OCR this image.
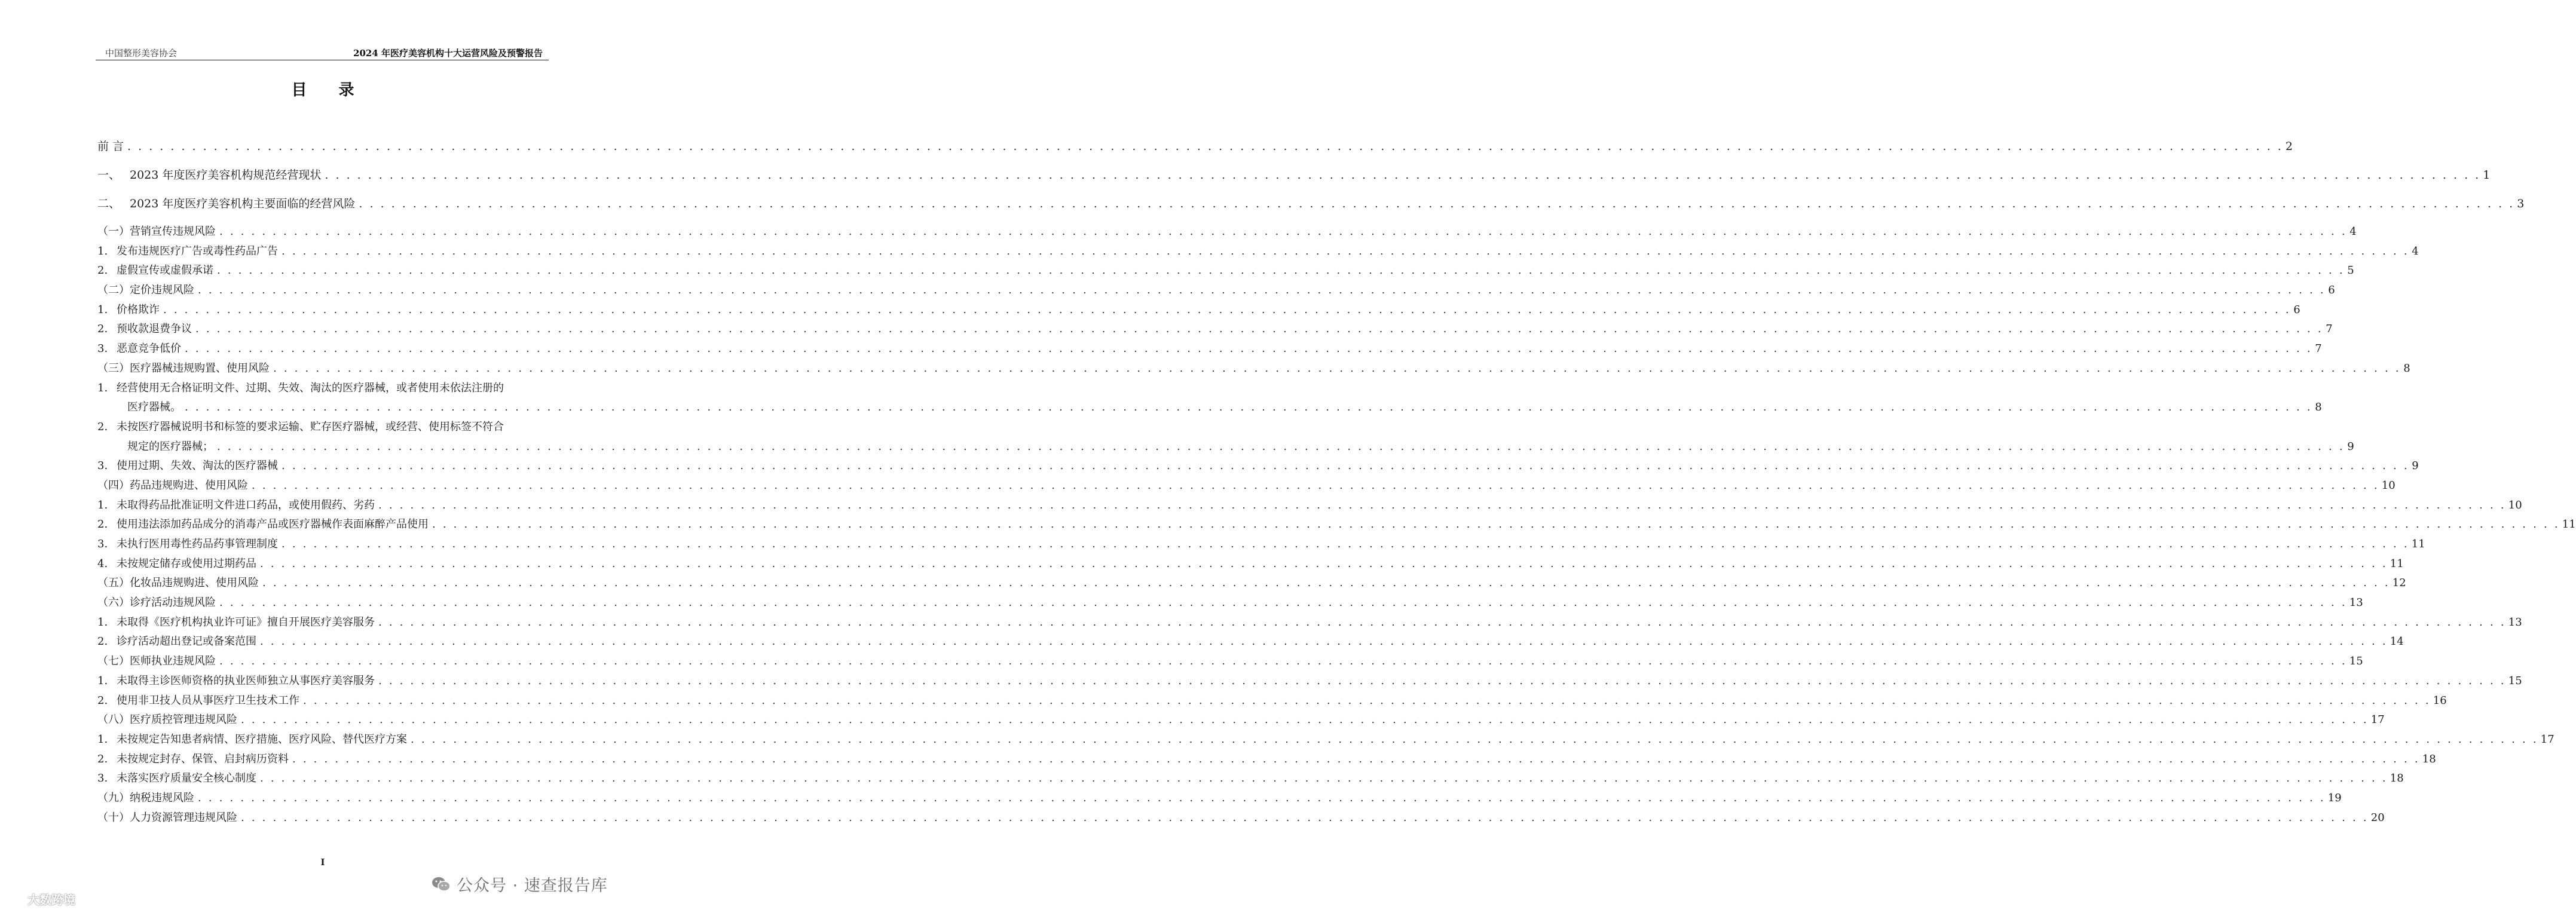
中国整形美容协会	2024 年医疗美容机构十大运营风险及预警报告
目 录
前 言 . . . . . . . . . . . . . . . . . . . . . . . . . . . . . . . . . . . . . . . . . . . . . . . . . . . . . . . . . . . . . . . . . . . . . . . . . . . . . . . . . . . . . . . . . . . . . . . . . . . . . . . . . . . . . . . . . . . . . . . . . . . . . . . . . . . . . . . . . . . . . . . . . . . . . . . . . . . . . . . . . . . . . . . . . . . . . . . . . . . . . . . . . . . . . . . . . . . . . . . . 2
一、 2023 年度医疗美容机构规范经营现状 . . . . . . . . . . . . . . . . . . . . . . . . . . . . . . . . . . . . . . . . . . . . . . . . . . . . . . . . . . . . . . . . . . . . . . . . . . . . . . . . . . . . . . . . . . . . . . . . . . . . . . . . . . . . . . . . . . . . . . . . . . . . . . . . . . . . . . . . . . . . . . . . . . . . . . . . . . . . . . . . . . . . . . . . . . . . . . . . . . . . . . . . . . . . . . . . . . . . . . . . 1
二、 2023 年度医疗美容机构主要面临的经营风险 . . . . . . . . . . . . . . . . . . . . . . . . . . . . . . . . . . . . . . . . . . . . . . . . . . . . . . . . . . . . . . . . . . . . . . . . . . . . . . . . . . . . . . . . . . . . . . . . . . . . . . . . . . . . . . . . . . . . . . . . . . . . . . . . . . . . . . . . . . . . . . . . . . . . . . . . . . . . . . . . . . . . . . . . . . . . . . . . . . . . . . . . . . . . . . . . . . . . . . . . 3
（一）营销宣传违规风险 . . . . . . . . . . . . . . . . . . . . . . . . . . . . . . . . . . . . . . . . . . . . . . . . . . . . . . . . . . . . . . . . . . . . . . . . . . . . . . . . . . . . . . . . . . . . . . . . . . . . . . . . . . . . . . . . . . . . . . . . . . . . . . . . . . . . . . . . . . . . . . . . . . . . . . . . . . . . . . . . . . . . . . . . . . . . . . . . . . . . . . . . . . . . . . . . . . . . . . . . 4
1. 发布违规医疗广告或毒性药品广告 . . . . . . . . . . . . . . . . . . . . . . . . . . . . . . . . . . . . . . . . . . . . . . . . . . . . . . . . . . . . . . . . . . . . . . . . . . . . . . . . . . . . . . . . . . . . . . . . . . . . . . . . . . . . . . . . . . . . . . . . . . . . . . . . . . . . . . . . . . . . . . . . . . . . . . . . . . . . . . . . . . . . . . . . . . . . . . . . . . . . . . . . . . . . . . . . . . . . . . . . 4
2. 虚假宣传或虚假承诺 . . . . . . . . . . . . . . . . . . . . . . . . . . . . . . . . . . . . . . . . . . . . . . . . . . . . . . . . . . . . . . . . . . . . . . . . . . . . . . . . . . . . . . . . . . . . . . . . . . . . . . . . . . . . . . . . . . . . . . . . . . . . . . . . . . . . . . . . . . . . . . . . . . . . . . . . . . . . . . . . . . . . . . . . . . . . . . . . . . . . . . . . . . . . . . . . . . . . . . . . 5
（二）定价违规风险 . . . . . . . . . . . . . . . . . . . . . . . . . . . . . . . . . . . . . . . . . . . . . . . . . . . . . . . . . . . . . . . . . . . . . . . . . . . . . . . . . . . . . . . . . . . . . . . . . . . . . . . . . . . . . . . . . . . . . . . . . . . . . . . . . . . . . . . . . . . . . . . . . . . . . . . . . . . . . . . . . . . . . . . . . . . . . . . . . . . . . . . . . . . . . . . . . . . . . . . . 6
1. 价格欺诈 . . . . . . . . . . . . . . . . . . . . . . . . . . . . . . . . . . . . . . . . . . . . . . . . . . . . . . . . . . . . . . . . . . . . . . . . . . . . . . . . . . . . . . . . . . . . . . . . . . . . . . . . . . . . . . . . . . . . . . . . . . . . . . . . . . . . . . . . . . . . . . . . . . . . . . . . . . . . . . . . . . . . . . . . . . . . . . . . . . . . . . . . . . . . . . . . . . . . . . . . 6
2. 预收款退费争议 . . . . . . . . . . . . . . . . . . . . . . . . . . . . . . . . . . . . . . . . . . . . . . . . . . . . . . . . . . . . . . . . . . . . . . . . . . . . . . . . . . . . . . . . . . . . . . . . . . . . . . . . . . . . . . . . . . . . . . . . . . . . . . . . . . . . . . . . . . . . . . . . . . . . . . . . . . . . . . . . . . . . . . . . . . . . . . . . . . . . . . . . . . . . . . . . . . . . . . . . 7
3. 恶意竞争低价 . . . . . . . . . . . . . . . . . . . . . . . . . . . . . . . . . . . . . . . . . . . . . . . . . . . . . . . . . . . . . . . . . . . . . . . . . . . . . . . . . . . . . . . . . . . . . . . . . . . . . . . . . . . . . . . . . . . . . . . . . . . . . . . . . . . . . . . . . . . . . . . . . . . . . . . . . . . . . . . . . . . . . . . . . . . . . . . . . . . . . . . . . . . . . . . . . . . . . . . . 7
（三）医疗器械违规购置、使用风险 . . . . . . . . . . . . . . . . . . . . . . . . . . . . . . . . . . . . . . . . . . . . . . . . . . . . . . . . . . . . . . . . . . . . . . . . . . . . . . . . . . . . . . . . . . . . . . . . . . . . . . . . . . . . . . . . . . . . . . . . . . . . . . . . . . . . . . . . . . . . . . . . . . . . . . . . . . . . . . . . . . . . . . . . . . . . . . . . . . . . . . . . . . . . . . . . . . . . . . . . 8
1. 经营使用无合格证明文件、过期、失效、淘汰的医疗器械，或者使用未依法注册的
医疗器械。 . . . . . . . . . . . . . . . . . . . . . . . . . . . . . . . . . . . . . . . . . . . . . . . . . . . . . . . . . . . . . . . . . . . . . . . . . . . . . . . . . . . . . . . . . . . . . . . . . . . . . . . . . . . . . . . . . . . . . . . . . . . . . . . . . . . . . . . . . . . . . . . . . . . . . . . . . . . . . . . . . . . . . . . . . . . . . . . . . . . . . . . . . . . . . . . . . . . . . . . . 8
2. 未按医疗器械说明书和标签的要求运输、贮存医疗器械，或经营、使用标签不符合
规定的医疗器械； . . . . . . . . . . . . . . . . . . . . . . . . . . . . . . . . . . . . . . . . . . . . . . . . . . . . . . . . . . . . . . . . . . . . . . . . . . . . . . . . . . . . . . . . . . . . . . . . . . . . . . . . . . . . . . . . . . . . . . . . . . . . . . . . . . . . . . . . . . . . . . . . . . . . . . . . . . . . . . . . . . . . . . . . . . . . . . . . . . . . . . . . . . . . . . . . . . . . . . . . 9
3. 使用过期、失效、淘汰的医疗器械 . . . . . . . . . . . . . . . . . . . . . . . . . . . . . . . . . . . . . . . . . . . . . . . . . . . . . . . . . . . . . . . . . . . . . . . . . . . . . . . . . . . . . . . . . . . . . . . . . . . . . . . . . . . . . . . . . . . . . . . . . . . . . . . . . . . . . . . . . . . . . . . . . . . . . . . . . . . . . . . . . . . . . . . . . . . . . . . . . . . . . . . . . . . . . . . . . . . . . . . . 9
（四）药品违规购进、使用风险 . . . . . . . . . . . . . . . . . . . . . . . . . . . . . . . . . . . . . . . . . . . . . . . . . . . . . . . . . . . . . . . . . . . . . . . . . . . . . . . . . . . . . . . . . . . . . . . . . . . . . . . . . . . . . . . . . . . . . . . . . . . . . . . . . . . . . . . . . . . . . . . . . . . . . . . . . . . . . . . . . . . . . . . . . . . . . . . . . . . . . . . . . . . . . . . . . . . . . . . . 10
1. 未取得药品批准证明文件进口药品，或使用假药、劣药 . . . . . . . . . . . . . . . . . . . . . . . . . . . . . . . . . . . . . . . . . . . . . . . . . . . . . . . . . . . . . . . . . . . . . . . . . . . . . . . . . . . . . . . . . . . . . . . . . . . . . . . . . . . . . . . . . . . . . . . . . . . . . . . . . . . . . . . . . . . . . . . . . . . . . . . . . . . . . . . . . . . . . . . . . . . . . . . . . . . . . . . . . . . . . . . . . . . . . . . . 10
2. 使用违法添加药品成分的消毒产品或医疗器械作表面麻醉产品使用 . . . . . . . . . . . . . . . . . . . . . . . . . . . . . . . . . . . . . . . . . . . . . . . . . . . . . . . . . . . . . . . . . . . . . . . . . . . . . . . . . . . . . . . . . . . . . . . . . . . . . . . . . . . . . . . . . . . . . . . . . . . . . . . . . . . . . . . . . . . . . . . . . . . . . . . . . . . . . . . . . . . . . . . . . . . . . . . . . . . . . . . . . . . . . . . . . . . . . . . . 11
3. 未执行医用毒性药品药事管理制度 . . . . . . . . . . . . . . . . . . . . . . . . . . . . . . . . . . . . . . . . . . . . . . . . . . . . . . . . . . . . . . . . . . . . . . . . . . . . . . . . . . . . . . . . . . . . . . . . . . . . . . . . . . . . . . . . . . . . . . . . . . . . . . . . . . . . . . . . . . . . . . . . . . . . . . . . . . . . . . . . . . . . . . . . . . . . . . . . . . . . . . . . . . . . . . . . . . . . . . . . 11
4. 未按规定储存或使用过期药品 . . . . . . . . . . . . . . . . . . . . . . . . . . . . . . . . . . . . . . . . . . . . . . . . . . . . . . . . . . . . . . . . . . . . . . . . . . . . . . . . . . . . . . . . . . . . . . . . . . . . . . . . . . . . . . . . . . . . . . . . . . . . . . . . . . . . . . . . . . . . . . . . . . . . . . . . . . . . . . . . . . . . . . . . . . . . . . . . . . . . . . . . . . . . . . . . . . . . . . . . 11
（五）化妆品违规购进、使用风险 . . . . . . . . . . . . . . . . . . . . . . . . . . . . . . . . . . . . . . . . . . . . . . . . . . . . . . . . . . . . . . . . . . . . . . . . . . . . . . . . . . . . . . . . . . . . . . . . . . . . . . . . . . . . . . . . . . . . . . . . . . . . . . . . . . . . . . . . . . . . . . . . . . . . . . . . . . . . . . . . . . . . . . . . . . . . . . . . . . . . . . . . . . . . . . . . . . . . . . . . 12
（六）诊疗活动违规风险 . . . . . . . . . . . . . . . . . . . . . . . . . . . . . . . . . . . . . . . . . . . . . . . . . . . . . . . . . . . . . . . . . . . . . . . . . . . . . . . . . . . . . . . . . . . . . . . . . . . . . . . . . . . . . . . . . . . . . . . . . . . . . . . . . . . . . . . . . . . . . . . . . . . . . . . . . . . . . . . . . . . . . . . . . . . . . . . . . . . . . . . . . . . . . . . . . . . . . . . . 13
1. 未取得《医疗机构执业许可证》擅自开展医疗美容服务 . . . . . . . . . . . . . . . . . . . . . . . . . . . . . . . . . . . . . . . . . . . . . . . . . . . . . . . . . . . . . . . . . . . . . . . . . . . . . . . . . . . . . . . . . . . . . . . . . . . . . . . . . . . . . . . . . . . . . . . . . . . . . . . . . . . . . . . . . . . . . . . . . . . . . . . . . . . . . . . . . . . . . . . . . . . . . . . . . . . . . . . . . . . . . . . . . . . . . . . . 13
2. 诊疗活动超出登记或备案范围 . . . . . . . . . . . . . . . . . . . . . . . . . . . . . . . . . . . . . . . . . . . . . . . . . . . . . . . . . . . . . . . . . . . . . . . . . . . . . . . . . . . . . . . . . . . . . . . . . . . . . . . . . . . . . . . . . . . . . . . . . . . . . . . . . . . . . . . . . . . . . . . . . . . . . . . . . . . . . . . . . . . . . . . . . . . . . . . . . . . . . . . . . . . . . . . . . . . . . . . . 14
（七）医师执业违规风险 . . . . . . . . . . . . . . . . . . . . . . . . . . . . . . . . . . . . . . . . . . . . . . . . . . . . . . . . . . . . . . . . . . . . . . . . . . . . . . . . . . . . . . . . . . . . . . . . . . . . . . . . . . . . . . . . . . . . . . . . . . . . . . . . . . . . . . . . . . . . . . . . . . . . . . . . . . . . . . . . . . . . . . . . . . . . . . . . . . . . . . . . . . . . . . . . . . . . . . . . 15
1. 未取得主诊医师资格的执业医师独立从事医疗美容服务 . . . . . . . . . . . . . . . . . . . . . . . . . . . . . . . . . . . . . . . . . . . . . . . . . . . . . . . . . . . . . . . . . . . . . . . . . . . . . . . . . . . . . . . . . . . . . . . . . . . . . . . . . . . . . . . . . . . . . . . . . . . . . . . . . . . . . . . . . . . . . . . . . . . . . . . . . . . . . . . . . . . . . . . . . . . . . . . . . . . . . . . . . . . . . . . . . . . . . . . . 15
2. 使用非卫技人员从事医疗卫生技术工作 . . . . . . . . . . . . . . . . . . . . . . . . . . . . . . . . . . . . . . . . . . . . . . . . . . . . . . . . . . . . . . . . . . . . . . . . . . . . . . . . . . . . . . . . . . . . . . . . . . . . . . . . . . . . . . . . . . . . . . . . . . . . . . . . . . . . . . . . . . . . . . . . . . . . . . . . . . . . . . . . . . . . . . . . . . . . . . . . . . . . . . . . . . . . . . . . . . . . . . . . 16
（八）医疗质控管理违规风险 . . . . . . . . . . . . . . . . . . . . . . . . . . . . . . . . . . . . . . . . . . . . . . . . . . . . . . . . . . . . . . . . . . . . . . . . . . . . . . . . . . . . . . . . . . . . . . . . . . . . . . . . . . . . . . . . . . . . . . . . . . . . . . . . . . . . . . . . . . . . . . . . . . . . . . . . . . . . . . . . . . . . . . . . . . . . . . . . . . . . . . . . . . . . . . . . . . . . . . . . 17
1. 未按规定告知患者病情、医疗措施、医疗风险、替代医疗方案 . . . . . . . . . . . . . . . . . . . . . . . . . . . . . . . . . . . . . . . . . . . . . . . . . . . . . . . . . . . . . . . . . . . . . . . . . . . . . . . . . . . . . . . . . . . . . . . . . . . . . . . . . . . . . . . . . . . . . . . . . . . . . . . . . . . . . . . . . . . . . . . . . . . . . . . . . . . . . . . . . . . . . . . . . . . . . . . . . . . . . . . . . . . . . . . . . . . . . . . . 17
2. 未按规定封存、保管、启封病历资料 . . . . . . . . . . . . . . . . . . . . . . . . . . . . . . . . . . . . . . . . . . . . . . . . . . . . . . . . . . . . . . . . . . . . . . . . . . . . . . . . . . . . . . . . . . . . . . . . . . . . . . . . . . . . . . . . . . . . . . . . . . . . . . . . . . . . . . . . . . . . . . . . . . . . . . . . . . . . . . . . . . . . . . . . . . . . . . . . . . . . . . . . . . . . . . . . . . . . . . . . 18
3. 未落实医疗质量安全核心制度 . . . . . . . . . . . . . . . . . . . . . . . . . . . . . . . . . . . . . . . . . . . . . . . . . . . . . . . . . . . . . . . . . . . . . . . . . . . . . . . . . . . . . . . . . . . . . . . . . . . . . . . . . . . . . . . . . . . . . . . . . . . . . . . . . . . . . . . . . . . . . . . . . . . . . . . . . . . . . . . . . . . . . . . . . . . . . . . . . . . . . . . . . . . . . . . . . . . . . . . . 18
（九）纳税违规风险 . . . . . . . . . . . . . . . . . . . . . . . . . . . . . . . . . . . . . . . . . . . . . . . . . . . . . . . . . . . . . . . . . . . . . . . . . . . . . . . . . . . . . . . . . . . . . . . . . . . . . . . . . . . . . . . . . . . . . . . . . . . . . . . . . . . . . . . . . . . . . . . . . . . . . . . . . . . . . . . . . . . . . . . . . . . . . . . . . . . . . . . . . . . . . . . . . . . . . . . . 19
（十）人力资源管理违规风险 . . . . . . . . . . . . . . . . . . . . . . . . . . . . . . . . . . . . . . . . . . . . . . . . . . . . . . . . . . . . . . . . . . . . . . . . . . . . . . . . . . . . . . . . . . . . . . . . . . . . . . . . . . . . . . . . . . . . . . . . . . . . . . . . . . . . . . . . . . . . . . . . . . . . . . . . . . . . . . . . . . . . . . . . . . . . . . . . . . . . . . . . . . . . . . . . . . . . . . . . 20
I
公众号 · 速查报告库
大数跨境
